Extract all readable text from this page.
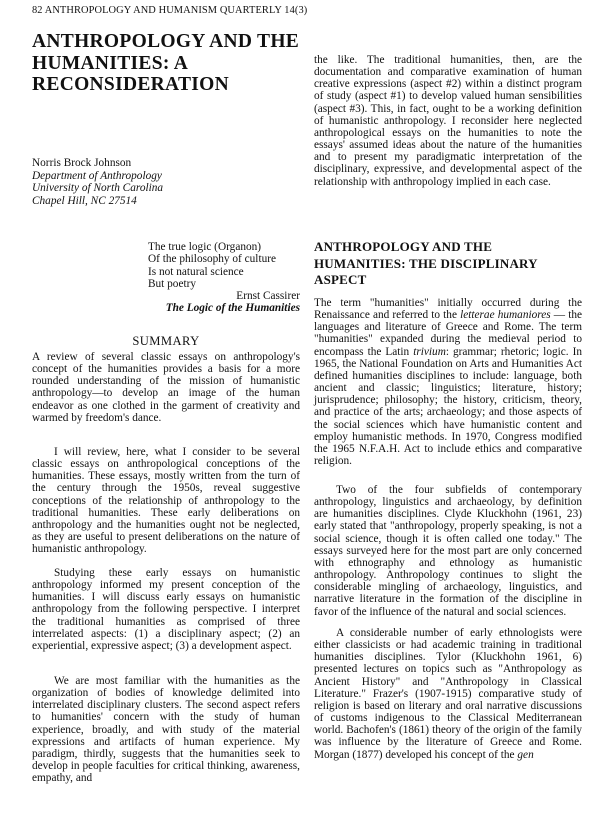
82 ANTHROPOLOGY AND HUMANISM QUARTERLY 14(3)
ANTHROPOLOGY AND THE HUMANITIES: A RECONSIDERATION
Norris Brock Johnson
Department of Anthropology
University of North Carolina
Chapel Hill, NC 27514
The true logic (Organon)
Of the philosophy of culture
Is not natural science
But poetry
Ernst Cassirer
The Logic of the Humanities
SUMMARY
A review of several classic essays on anthropology's concept of the humanities provides a basis for a more rounded understanding of the mission of humanistic anthropology—to develop an image of the human endeavor as one clothed in the garment of creativity and warmed by freedom's dance.
I will review, here, what I consider to be several classic essays on anthropological conceptions of the humanities. These essays, mostly written from the turn of the century through the 1950s, reveal suggestive conceptions of the relationship of anthropology to the traditional humanities. These early deliberations on anthropology and the humanities ought not be neglected, as they are useful to present deliberations on the nature of humanistic anthropology.
Studying these early essays on humanistic anthropology informed my present conception of the humanities. I will discuss early essays on humanistic anthropology from the following perspective. I interpret the traditional humanities as comprised of three interrelated aspects: (1) a disciplinary aspect; (2) an experiential, expressive aspect; (3) a development aspect.
We are most familiar with the humanities as the organization of bodies of knowledge delimited into interrelated disciplinary clusters. The second aspect refers to humanities' concern with the study of human experience, broadly, and with study of the material expressions and artifacts of human experience. My paradigm, thirdly, suggests that the humanities seek to develop in people faculties for critical thinking, awareness, empathy, and
the like. The traditional humanities, then, are the documentation and comparative examination of human creative expressions (aspect #2) within a distinct program of study (aspect #1) to develop valued human sensibilities (aspect #3). This, in fact, ought to be a working definition of humanistic anthropology. I reconsider here neglected anthropological essays on the humanities to note the essays' assumed ideas about the nature of the humanities and to present my paradigmatic interpretation of the disciplinary, expressive, and developmental aspect of the relationship with anthropology implied in each case.
ANTHROPOLOGY AND THE HUMANITIES: THE DISCIPLINARY ASPECT
The term "humanities" initially occurred during the Renaissance and referred to the letterae humaniores — the languages and literature of Greece and Rome. The term "humanities" expanded during the medieval period to encompass the Latin trivium: grammar; rhetoric; logic. In 1965, the National Foundation on Arts and Humanities Act defined humanities disciplines to include: language, both ancient and classic; linguistics; literature, history; jurisprudence; philosophy; the history, criticism, theory, and practice of the arts; archaeology; and those aspects of the social sciences which have humanistic content and employ humanistic methods. In 1970, Congress modified the 1965 N.F.A.H. Act to include ethics and comparative religion.
Two of the four subfields of contemporary anthropology, linguistics and archaeology, by definition are humanities disciplines. Clyde Kluckhohn (1961, 23) early stated that "anthropology, properly speaking, is not a social science, though it is often called one today." The essays surveyed here for the most part are only concerned with ethnography and ethnology as humanistic anthropology. Anthropology continues to slight the considerable mingling of archaeology, linguistics, and narrative literature in the formation of the discipline in favor of the influence of the natural and social sciences.
A considerable number of early ethnologists were either classicists or had academic training in traditional humanities disciplines. Tylor (Kluckhohn 1961, 6) presented lectures on topics such as "Anthropology as Ancient History" and "Anthropology in Classical Literature." Frazer's (1907-1915) comparative study of religion is based on literary and oral narrative discussions of customs indigenous to the Classical Mediterranean world. Bachofen's (1861) theory of the origin of the family was influence by the literature of Greece and Rome. Morgan (1877) developed his concept of the gen
